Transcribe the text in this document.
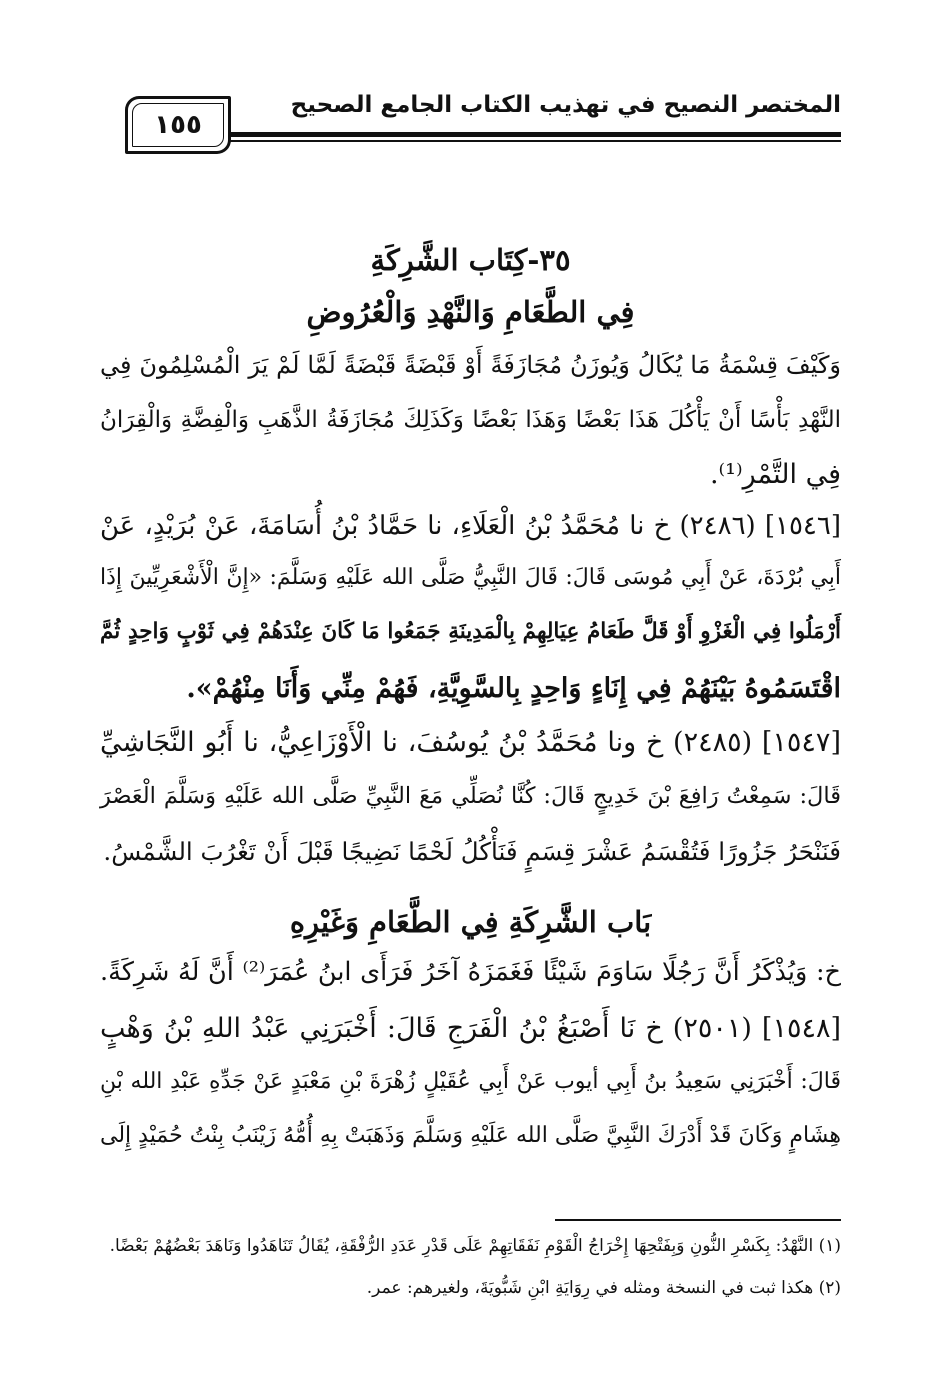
المختصر النصيح في تهذيب الكتاب الجامع الصحيح
١٥٥
٣٥-كِتَاب الشَّرِكَةِ
فِي الطَّعَامِ وَالنَّهْدِ وَالْعُرُوضِ
وَكَيْفَ قِسْمَةُ مَا يُكَالُ وَيُوزَنُ مُجَازَفَةً أَوْ قَبْضَةً قَبْضَةً لَمَّا لَمْ يَرَ الْمُسْلِمُونَ فِي
النَّهْدِ بَأْسًا أَنْ يَأْكُلَ هَذَا بَعْضًا وَهَذَا بَعْضًا وَكَذَلِكَ مُجَازَفَةُ الذَّهَبِ وَالْفِضَّةِ وَالْقِرَانُ
فِي التَّمْرِ⁽¹⁾.
[١٥٤٦] (٢٤٨٦) خ نا مُحَمَّدُ بْنُ الْعَلَاءِ، نا حَمَّادُ بْنُ أُسَامَةَ، عَنْ بُرَيْدٍ، عَنْ
أَبِي بُرْدَةَ، عَنْ أَبِي مُوسَى قَالَ: قَالَ النَّبِيُّ صَلَّى الله عَلَيْهِ وَسَلَّمَ: «إِنَّ الْأَشْعَرِيِّينَ إِذَا
أَرْمَلُوا فِي الْغَزْوِ أَوْ قَلَّ طَعَامُ عِيَالِهِمْ بِالْمَدِينَةِ جَمَعُوا مَا كَانَ عِنْدَهُمْ فِي ثَوْبٍ وَاحِدٍ ثُمَّ
اقْتَسَمُوهُ بَيْنَهُمْ فِي إِنَاءٍ وَاحِدٍ بِالسَّوِيَّةِ، فَهُمْ مِنِّي وَأَنَا مِنْهُمْ».
[١٥٤٧] (٢٤٨٥) خ ونا مُحَمَّدُ بْنُ يُوسُفَ، نا الْأَوْزَاعِيُّ، نا أَبُو النَّجَاشِيِّ
قَالَ: سَمِعْتُ رَافِعَ بْنَ خَدِيجٍ قَالَ: كُنَّا نُصَلِّي مَعَ النَّبِيِّ صَلَّى الله عَلَيْهِ وَسَلَّمَ الْعَصْرَ
فَنَنْحَرُ جَزُورًا فَتُقْسَمُ عَشْرَ قِسَمٍ فَنَأْكُلُ لَحْمًا نَضِيجًا قَبْلَ أَنْ تَغْرُبَ الشَّمْسُ.
بَاب الشَّرِكَةِ فِي الطَّعَامِ وَغَيْرِهِ
خ: وَيُذْكَرُ أَنَّ رَجُلًا سَاوَمَ شَيْئًا فَغَمَزَهُ آخَرُ فَرَأَى ابنُ عُمَرَ⁽²⁾ أَنَّ لَهُ شَرِكَةً.
[١٥٤٨] (٢٥٠١) خ نَا أَصْبَغُ بْنُ الْفَرَجِ قَالَ: أَخْبَرَنِي عَبْدُ اللهِ بْنُ وَهْبٍ
قَالَ: أَخْبَرَنِي سَعِيدُ بنُ أَبِي أيوب عَنْ أَبِي عُقَيْلٍ زُهْرَةَ بْنِ مَعْبَدٍ عَنْ جَدِّهِ عَبْدِ الله بْنِ
هِشَامٍ وَكَانَ قَدْ أَدْرَكَ النَّبِيَّ صَلَّى الله عَلَيْهِ وَسَلَّمَ وَذَهَبَتْ بِهِ أُمُّهُ زَيْنَبُ بِنْتُ حُمَيْدٍ إِلَى
(١) النَّهْدُ: بِكَسْرِ النُّونِ وَبِفَتْحِهَا إِخْرَاجُ الْقَوْمِ نَفَقَاتِهِمْ عَلَى قَدْرِ عَدَدِ الرُّفْقَةِ، يُقَالُ تَنَاهَدُوا وَنَاهَدَ بَعْضُهُمْ بَعْضًا.
(٢) هكذا ثبت في النسخة ومثله في رِوَايَةِ ابْنِ شَبُّويَةَ، ولغيرهم: عمر.
